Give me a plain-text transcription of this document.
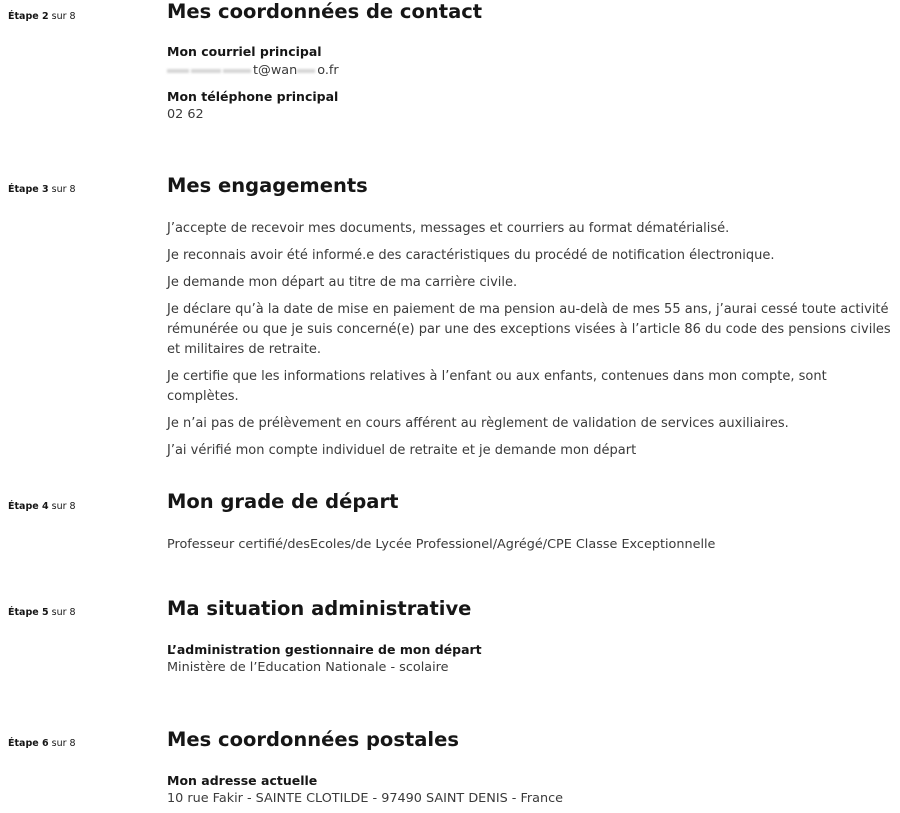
Étape 2 sur 8	Mes coordonnées de contact
Mon courriel principal
t@wan o.fr
Mon téléphone principal
02 62
Étape 3 sur 8	Mes engagements
J’accepte de recevoir mes documents, messages et courriers au format dématérialisé.
Je reconnais avoir été informé.e des caractéristiques du procédé de notification électronique.
Je demande mon départ au titre de ma carrière civile.
Je déclare qu’à la date de mise en paiement de ma pension au-delà de mes 55 ans, j’aurai cessé toute activité rémunérée ou que je suis concerné(e) par une des exceptions visées à l’article 86 du code des pensions civiles et militaires de retraite.
Je certifie que les informations relatives à l’enfant ou aux enfants, contenues dans mon compte, sont complètes.
Je n’ai pas de prélèvement en cours afférent au règlement de validation de services auxiliaires.
J’ai vérifié mon compte individuel de retraite et je demande mon départ
Étape 4 sur 8	Mon grade de départ
Professeur certifié/desEcoles/de Lycée Professionel/Agrégé/CPE Classe Exceptionnelle
Étape 5 sur 8	Ma situation administrative
L’administration gestionnaire de mon départ
Ministère de l’Education Nationale - scolaire
Étape 6 sur 8	Mes coordonnées postales
Mon adresse actuelle
10 rue Fakir - SAINTE CLOTILDE - 97490 SAINT DENIS - France
